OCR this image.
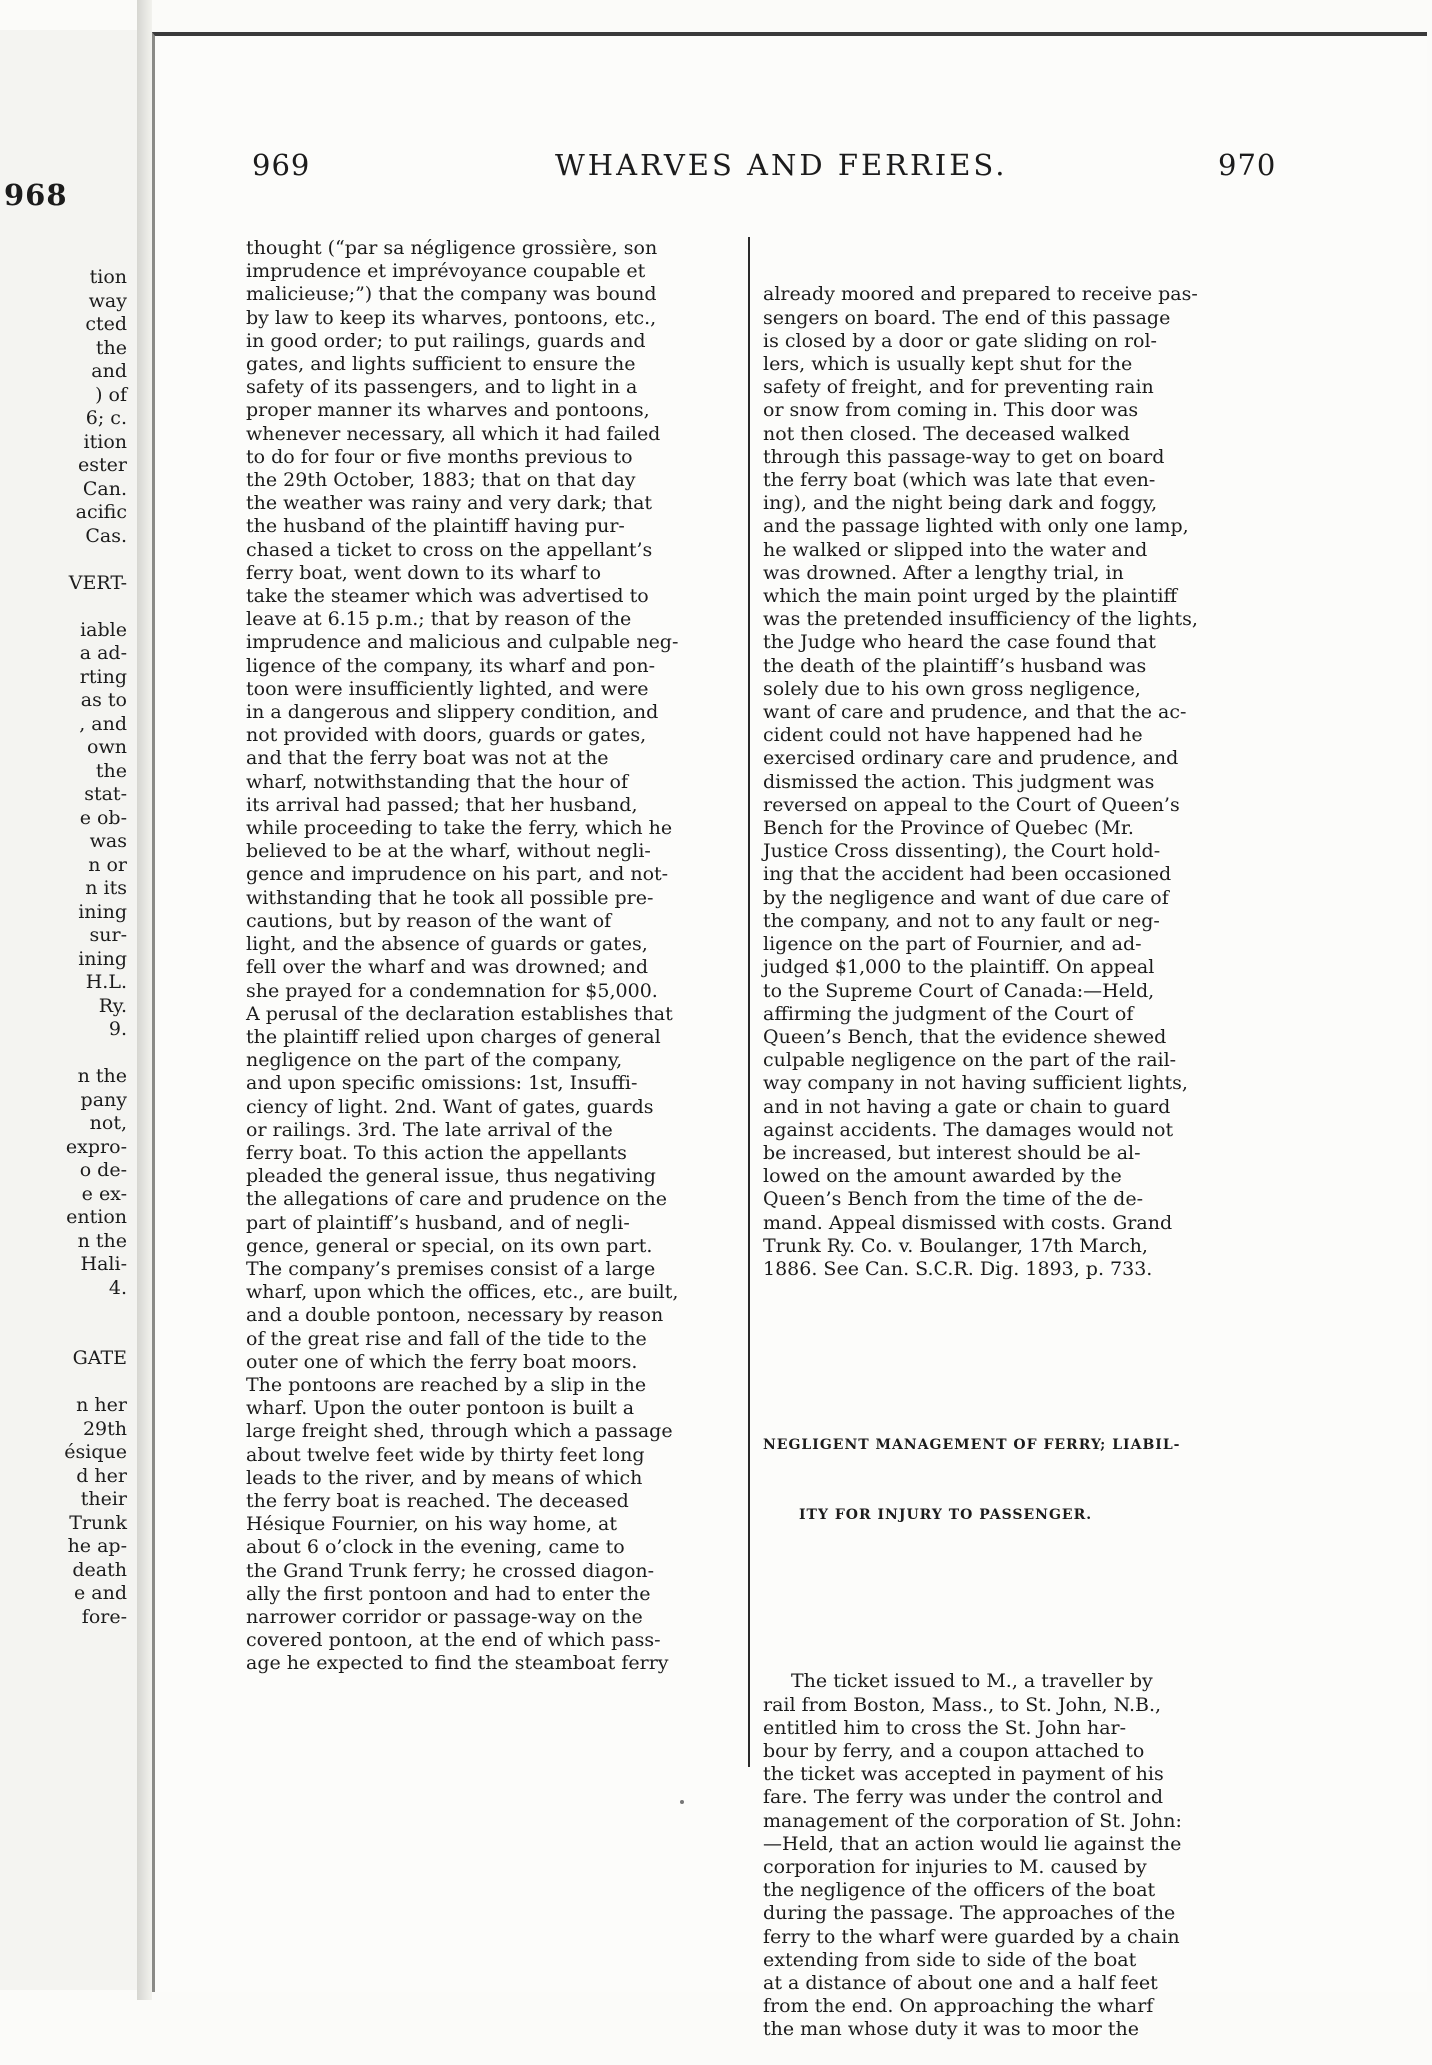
968
tion
way
cted
the
and
) of
6; c.
ition
ester
Can.
acific
Cas.

VERT-

iable
a ad-
rting
as to
, and
own
the
stat-
e ob-
was
n or
n its
ining
sur-
ining
H.L.
Ry.
9.

n the
pany
not,
expro-
o de-
e ex-
ention
n the
Hali-
4.

GATE

n her
29th
ésique
d her
their
Trunk
he ap-
death
e and
fore-
969	WHARVES AND FERRIES.	970
thought (“par sa négligence grossière, son
imprudence et imprévoyance coupable et
malicieuse;”) that the company was bound
by law to keep its wharves, pontoons, etc.,
in good order; to put railings, guards and
gates, and lights sufficient to ensure the
safety of its passengers, and to light in a
proper manner its wharves and pontoons,
whenever necessary, all which it had failed
to do for four or five months previous to
the 29th October, 1883; that on that day
the weather was rainy and very dark; that
the husband of the plaintiff having pur-
chased a ticket to cross on the appellant’s
ferry boat, went down to its wharf to
take the steamer which was advertised to
leave at 6.15 p.m.; that by reason of the
imprudence and malicious and culpable neg-
ligence of the company, its wharf and pon-
toon were insufficiently lighted, and were
in a dangerous and slippery condition, and
not provided with doors, guards or gates,
and that the ferry boat was not at the
wharf, notwithstanding that the hour of
its arrival had passed; that her husband,
while proceeding to take the ferry, which he
believed to be at the wharf, without negli-
gence and imprudence on his part, and not-
withstanding that he took all possible pre-
cautions, but by reason of the want of
light, and the absence of guards or gates,
fell over the wharf and was drowned; and
she prayed for a condemnation for $5,000.
A perusal of the declaration establishes that
the plaintiff relied upon charges of general
negligence on the part of the company,
and upon specific omissions: 1st, Insuffi-
ciency of light. 2nd. Want of gates, guards
or railings. 3rd. The late arrival of the
ferry boat. To this action the appellants
pleaded the general issue, thus negativing
the allegations of care and prudence on the
part of plaintiff’s husband, and of negli-
gence, general or special, on its own part.
The company’s premises consist of a large
wharf, upon which the offices, etc., are built,
and a double pontoon, necessary by reason
of the great rise and fall of the tide to the
outer one of which the ferry boat moors.
The pontoons are reached by a slip in the
wharf. Upon the outer pontoon is built a
large freight shed, through which a passage
about twelve feet wide by thirty feet long
leads to the river, and by means of which
the ferry boat is reached. The deceased
Hésique Fournier, on his way home, at
about 6 o’clock in the evening, came to
the Grand Trunk ferry; he crossed diagon-
ally the first pontoon and had to enter the
narrower corridor or passage-way on the
covered pontoon, at the end of which pass-
age he expected to find the steamboat ferry

already moored and prepared to receive pas-
sengers on board. The end of this passage
is closed by a door or gate sliding on rol-
lers, which is usually kept shut for the
safety of freight, and for preventing rain
or snow from coming in. This door was
not then closed. The deceased walked
through this passage-way to get on board
the ferry boat (which was late that even-
ing), and the night being dark and foggy,
and the passage lighted with only one lamp,
he walked or slipped into the water and
was drowned. After a lengthy trial, in
which the main point urged by the plaintiff
was the pretended insufficiency of the lights,
the Judge who heard the case found that
the death of the plaintiff’s husband was
solely due to his own gross negligence,
want of care and prudence, and that the ac-
cident could not have happened had he
exercised ordinary care and prudence, and
dismissed the action. This judgment was
reversed on appeal to the Court of Queen’s
Bench for the Province of Quebec (Mr.
Justice Cross dissenting), the Court hold-
ing that the accident had been occasioned
by the negligence and want of due care of
the company, and not to any fault or neg-
ligence on the part of Fournier, and ad-
judged $1,000 to the plaintiff. On appeal
to the Supreme Court of Canada:—Held,
affirming the judgment of the Court of
Queen’s Bench, that the evidence shewed
culpable negligence on the part of the rail-
way company in not having sufficient lights,
and in not having a gate or chain to guard
against accidents. The damages would not
be increased, but interest should be al-
lowed on the amount awarded by the
Queen’s Bench from the time of the de-
mand. Appeal dismissed with costs. Grand
Trunk Ry. Co. v. Boulanger, 17th March,
1886. See Can. S.C.R. Dig. 1893, p. 733.

NEGLIGENT MANAGEMENT OF FERRY; LIABIL-

ITY FOR INJURY TO PASSENGER.

The ticket issued to M., a traveller by
rail from Boston, Mass., to St. John, N.B.,
entitled him to cross the St. John har-
bour by ferry, and a coupon attached to
the ticket was accepted in payment of his
fare. The ferry was under the control and
management of the corporation of St. John:
—Held, that an action would lie against the
corporation for injuries to M. caused by
the negligence of the officers of the boat
during the passage. The approaches of the
ferry to the wharf were guarded by a chain
extending from side to side of the boat
at a distance of about one and a half feet
from the end. On approaching the wharf
the man whose duty it was to moor the
